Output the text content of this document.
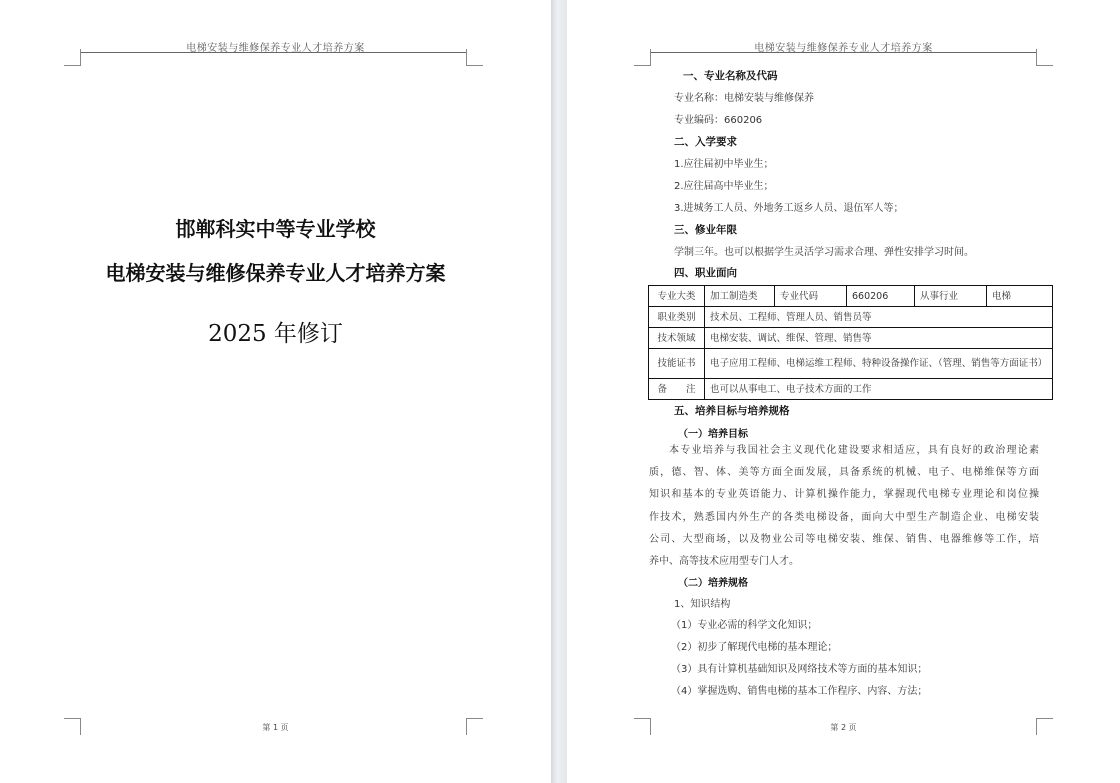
电梯安装与维修保养专业人才培养方案
邯郸科实中等专业学校
电梯安装与维修保养专业人才培养方案
2025 年修订
第 1 页
电梯安装与维修保养专业人才培养方案
一、专业名称及代码
专业名称：电梯安装与维修保养
专业编码：660206
二、入学要求
1.应往届初中毕业生；
2.应往届高中毕业生；
3.进城务工人员、外地务工返乡人员、退伍军人等；
三、修业年限
学制三年。也可以根据学生灵活学习需求合理、弹性安排学习时间。
四、职业面向
专业大类	加工制造类	专业代码	660206	从事行业	电梯
职业类别	技术员、工程师、管理人员、销售员等				
技术领域	电梯安装、调试、维保、管理、销售等				
技能证书	电子应用工程师、电梯运维工程师、特种设备操作证、（管理、销售等方面证书）				
备　　注	也可以从事电工、电子技术方面的工作				
五、培养目标与培养规格
（一）培养目标
本专业培养与我国社会主义现代化建设要求相适应，具有良好的政治理论素
质，德、智、体、美等方面全面发展，具备系统的机械、电子、电梯维保等方面
知识和基本的专业英语能力、计算机操作能力，掌握现代电梯专业理论和岗位操
作技术，熟悉国内外生产的各类电梯设备，面向大中型生产制造企业、电梯安装
公司、大型商场，以及物业公司等电梯安装、维保、销售、电器维修等工作，培
养中、高等技术应用型专门人才。
（二）培养规格
1、知识结构
（1）专业必需的科学文化知识；
（2）初步了解现代电梯的基本理论；
（3）具有计算机基础知识及网络技术等方面的基本知识；
（4）掌握选购、销售电梯的基本工作程序、内容、方法；
第 2 页
